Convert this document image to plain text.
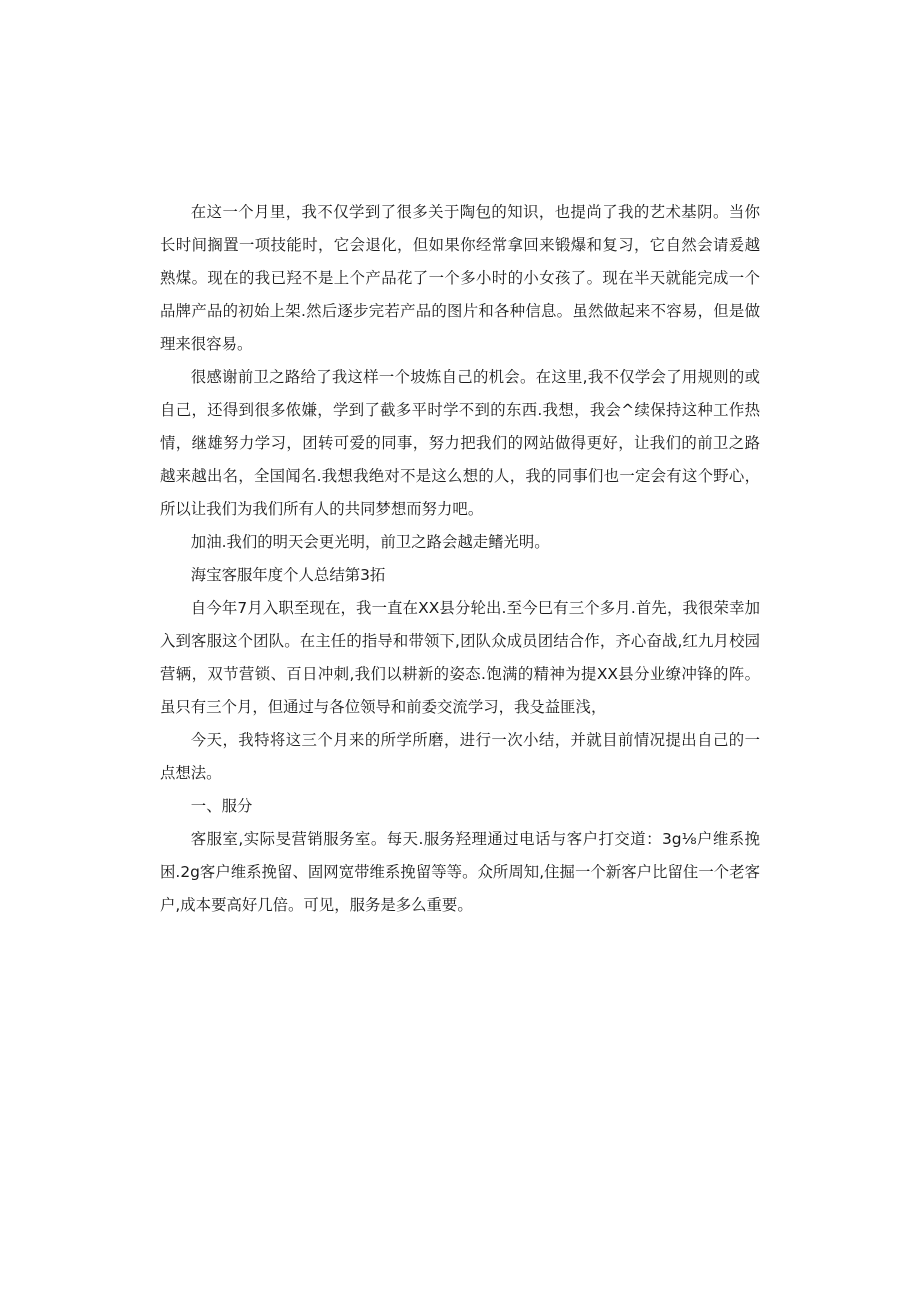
在这一个月里，我不仅学到了很多关于陶包的知识，也提尚了我的艺术基阴。当你长时间搁置一项技能时，它会退化，但如果你经常拿回来锻爆和复习，它自然会请爰越熟煤。现在的我已羟不是上个产品花了一个多小时的小女孩了。现在半天就能完成一个品牌产品的初始上架.然后逐步完若产品的图片和各种信息。虽然做起来不容易，但是做理来很容易。

很感谢前卫之路给了我这样一个坡炼自己的机会。在这里,我不仅学会了用规则的或自己，还得到很多侬嫌，学到了截多平时学不到的东西.我想，我会^续保持这种工作热情，继雄努力学习，团转可爱的同事，努力把我们的网站做得更好，让我们的前卫之路越来越出名，全国闻名.我想我绝对不是这么想的人，我的同事们也一定会有这个野心，所以让我们为我们所有人的共同梦想而努力吧。

加油.我们的明天会更光明，前卫之路会越走鳍光明。

海宝客服年度个人总结第3拓

自今年7月入职至现在，我一直在XX县分轮出.至今巳有三个多月.首先，我很荣幸加入到客服这个团队。在主任的指导和带领下,团队众成员团结合作，齐心奋战,红九月校园营辆，双节营锁、百日冲刺,我们以耕新的姿态.饱满的精神为提XX县分业缭冲锋的阵。虽只有三个月，但通过与各位领导和前委交流学习，我殳益匪浅，

今天，我特将这三个月来的所学所磨，进行一次小结，并就目前情况提出自己的一点想法。

一、服分

客服室,实际旻营销服务室。每天.服务羟理通过电话与客户打交道：3g⅛户维系挽困.2g客户维系挽留、固网宽带维系挽留等等。众所周知,住掘一个新客户比留住一个老客户,成本要高好几倍。可见，服务是多么重要。
